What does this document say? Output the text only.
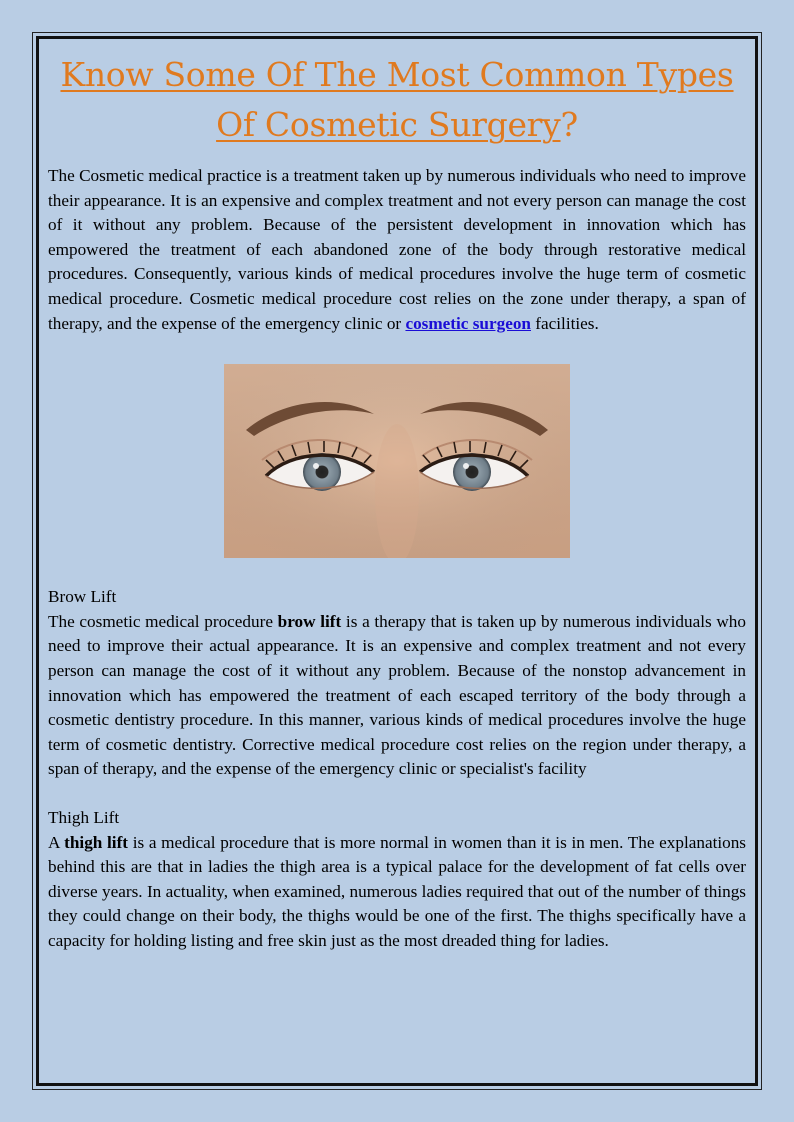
Know Some Of The Most Common Types Of Cosmetic Surgery?

The Cosmetic medical practice is a treatment taken up by numerous individuals who need to improve their appearance. It is an expensive and complex treatment and not every person can manage the cost of it without any problem. Because of the persistent development in innovation which has empowered the treatment of each abandoned zone of the body through restorative medical procedures. Consequently, various kinds of medical procedures involve the huge term of cosmetic medical procedure. Cosmetic medical procedure cost relies on the zone under therapy, a span of therapy, and the expense of the emergency clinic or cosmetic surgeon facilities.

Brow Lift

The cosmetic medical procedure brow lift is a therapy that is taken up by numerous individuals who need to improve their actual appearance. It is an expensive and complex treatment and not every person can manage the cost of it without any problem. Because of the nonstop advancement in innovation which has empowered the treatment of each escaped territory of the body through a cosmetic dentistry procedure. In this manner, various kinds of medical procedures involve the huge term of cosmetic dentistry. Corrective medical procedure cost relies on the region under therapy, a span of therapy, and the expense of the emergency clinic or specialist's facility

Thigh Lift

A thigh lift is a medical procedure that is more normal in women than it is in men. The explanations behind this are that in ladies the thigh area is a typical palace for the development of fat cells over diverse years. In actuality, when examined, numerous ladies required that out of the number of things they could change on their body, the thighs would be one of the first. The thighs specifically have a capacity for holding listing and free skin just as the most dreaded thing for ladies.
